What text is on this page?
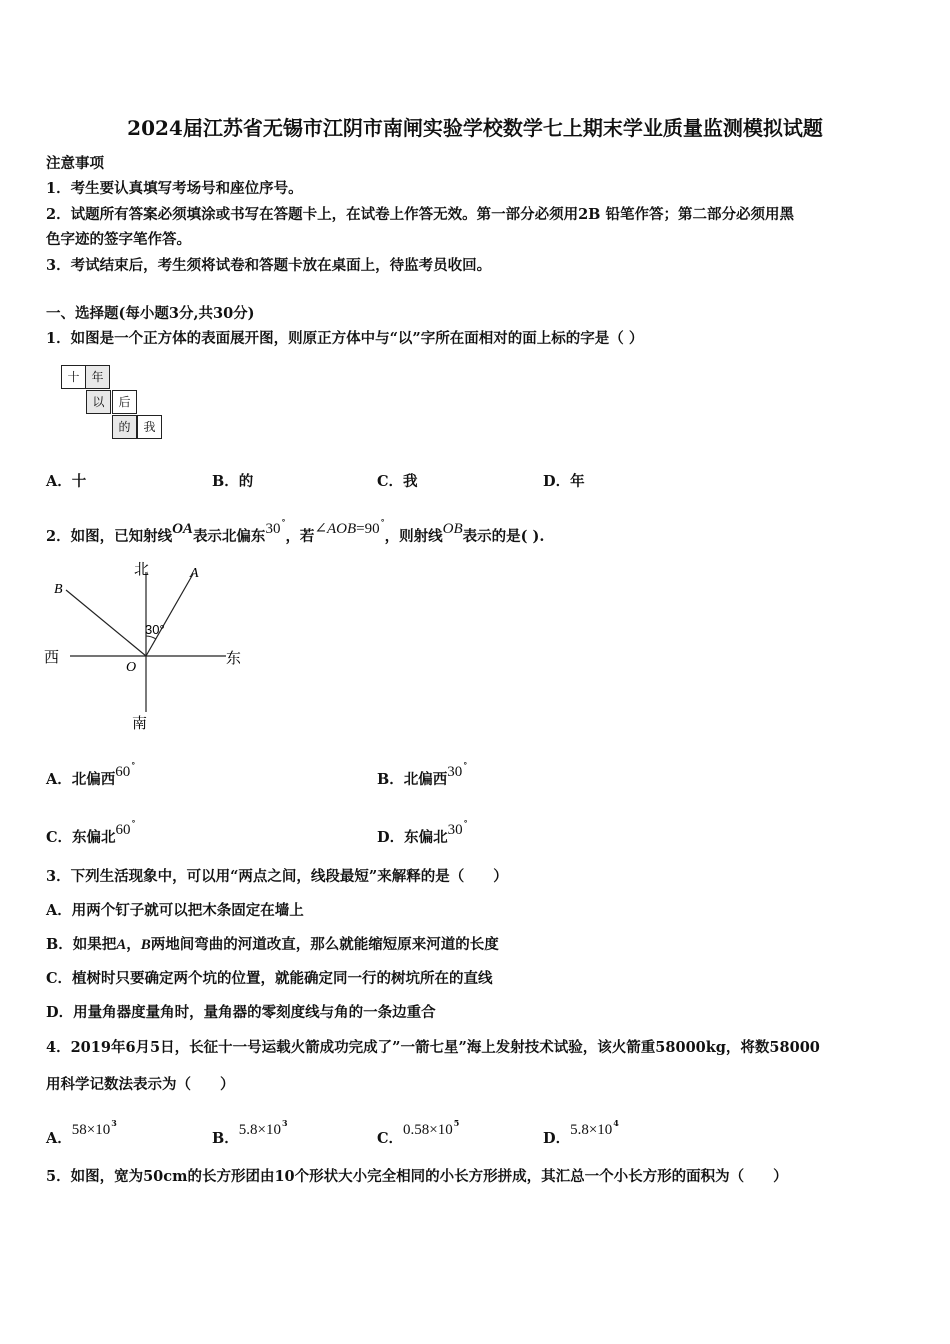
2024届江苏省无锡市江阴市南闸实验学校数学七上期末学业质量监测模拟试题
注意事项
1．考生要认真填写考场号和座位序号。
2．试题所有答案必须填涂或书写在答题卡上，在试卷上作答无效。第一部分必须用2B 铅笔作答；第二部分必须用黑
色字迹的签字笔作答。
3．考试结束后，考生须将试卷和答题卡放在桌面上，待监考员收回。
一、选择题(每小题3分,共30分)
1．如图是一个正方体的表面展开图，则原正方体中与“以”字所在面相对的面上标的字是（ ）
十 年
以	后
的	我
A．十	B．的	C．我	D．年
2．如图，已知射线OA表示北偏东30°，若∠AOB=90°，则射线OB表示的是( ).
北
南
西	东
A
B
O
30°
A．北偏西60°
B．北偏西30°
C．东偏北60°
D．东偏北30°
3．下列生活现象中，可以用“两点之间，线段最短”来解释的是（　　）
A．用两个钉子就可以把木条固定在墙上
B．如果把A，B两地间弯曲的河道改直，那么就能缩短原来河道的长度
C．植树时只要确定两个坑的位置，就能确定同一行的树坑所在的直线
D．用量角器度量角时，量角器的零刻度线与角的一条边重合
4．2019年6月5日，长征十一号运载火箭成功完成了”一箭七星”海上发射技术试验，该火箭重58000kg，将数58000
用科学记数法表示为（　　）
A．$58\times 10^3$
B．$5.8\times 10^3$
C．$0.58\times 10^5$
D．$5.8\times 10^4$
5．如图，宽为50cm的长方形团由10个形状大小完全相同的小长方形拼成，其汇总一个小长方形的面积为（　　）
